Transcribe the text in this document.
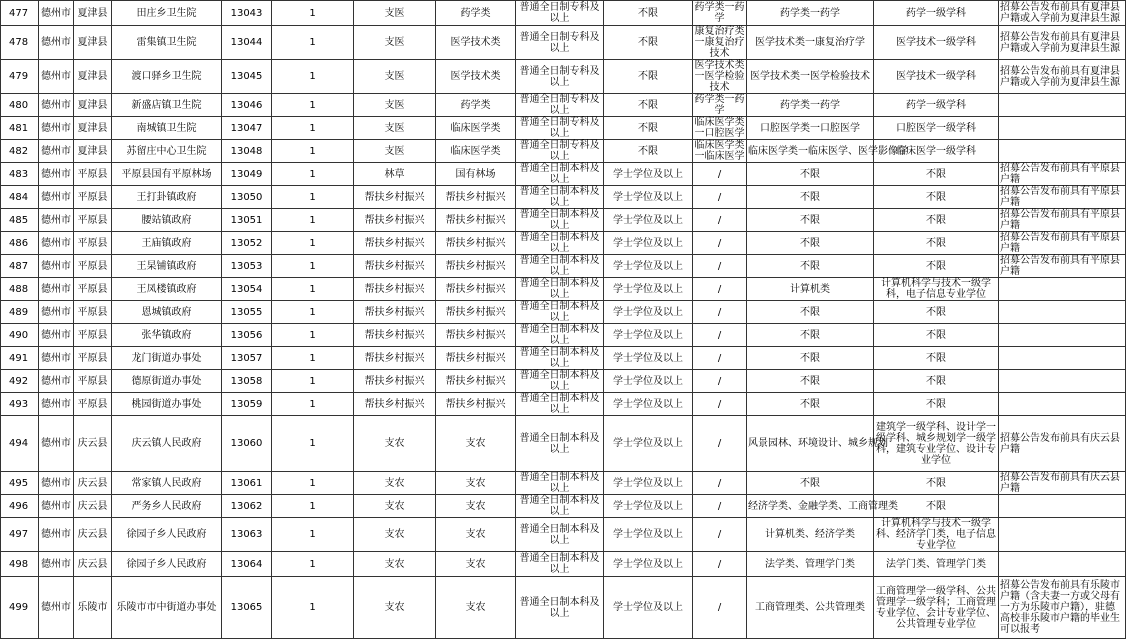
477	德州市	夏津县	田庄乡卫生院	13043	1	支医	药学类	普通全日制专科及以上	不限	药学类一药学	药学类一药学	药学一级学科	招募公告发布前具有夏津县户籍或入学前为夏津县生源
478	德州市	夏津县	雷集镇卫生院	13044	1	支医	医学技术类	普通全日制专科及以上	不限	康复治疗类一康复治疗技术	医学技术类一康复治疗学	医学技术一级学科	招募公告发布前具有夏津县户籍或入学前为夏津县生源
479	德州市	夏津县	渡口驿乡卫生院	13045	1	支医	医学技术类	普通全日制专科及以上	不限	医学技术类一医学检验技术	医学技术类一医学检验技术	医学技术一级学科	招募公告发布前具有夏津县户籍或入学前为夏津县生源
480	德州市	夏津县	新盛店镇卫生院	13046	1	支医	药学类	普通全日制专科及以上	不限	药学类一药学	药学类一药学	药学一级学科	
481	德州市	夏津县	南城镇卫生院	13047	1	支医	临床医学类	普通全日制专科及以上	不限	临床医学类一口腔医学	口腔医学类一口腔医学	口腔医学一级学科	
482	德州市	夏津县	苏留庄中心卫生院	13048	1	支医	临床医学类	普通全日制专科及以上	不限	临床医学类一临床医学	临床医学类一临床医学、医学影像学	临床医学一级学科	
483	德州市	平原县	平原县国有平原林场	13049	1	林草	国有林场	普通全日制本科及以上	学士学位及以上	/	不限	不限	招募公告发布前具有平原县户籍
484	德州市	平原县	王打卦镇政府	13050	1	帮扶乡村振兴	帮扶乡村振兴	普通全日制本科及以上	学士学位及以上	/	不限	不限	招募公告发布前具有平原县户籍
485	德州市	平原县	腰站镇政府	13051	1	帮扶乡村振兴	帮扶乡村振兴	普通全日制本科及以上	学士学位及以上	/	不限	不限	招募公告发布前具有平原县户籍
486	德州市	平原县	王庙镇政府	13052	1	帮扶乡村振兴	帮扶乡村振兴	普通全日制本科及以上	学士学位及以上	/	不限	不限	招募公告发布前具有平原县户籍
487	德州市	平原县	王杲铺镇政府	13053	1	帮扶乡村振兴	帮扶乡村振兴	普通全日制本科及以上	学士学位及以上	/	不限	不限	招募公告发布前具有平原县户籍
488	德州市	平原县	王凤楼镇政府	13054	1	帮扶乡村振兴	帮扶乡村振兴	普通全日制本科及以上	学士学位及以上	/	计算机类	计算机科学与技术一级学科，电子信息专业学位	
489	德州市	平原县	恩城镇政府	13055	1	帮扶乡村振兴	帮扶乡村振兴	普通全日制本科及以上	学士学位及以上	/	不限	不限	
490	德州市	平原县	张华镇政府	13056	1	帮扶乡村振兴	帮扶乡村振兴	普通全日制本科及以上	学士学位及以上	/	不限	不限	
491	德州市	平原县	龙门街道办事处	13057	1	帮扶乡村振兴	帮扶乡村振兴	普通全日制本科及以上	学士学位及以上	/	不限	不限	
492	德州市	平原县	德原街道办事处	13058	1	帮扶乡村振兴	帮扶乡村振兴	普通全日制本科及以上	学士学位及以上	/	不限	不限	
493	德州市	平原县	桃园街道办事处	13059	1	帮扶乡村振兴	帮扶乡村振兴	普通全日制本科及以上	学士学位及以上	/	不限	不限	
494	德州市	庆云县	庆云镇人民政府	13060	1	支农	支农	普通全日制本科及以上	学士学位及以上	/	风景园林、环境设计、城乡规划	建筑学一级学科、设计学一级学科、城乡规划学一级学科，建筑专业学位、设计专业学位	招募公告发布前具有庆云县户籍
495	德州市	庆云县	常家镇人民政府	13061	1	支农	支农	普通全日制本科及以上	学士学位及以上	/	不限	不限	招募公告发布前具有庆云县户籍
496	德州市	庆云县	严务乡人民政府	13062	1	支农	支农	普通全日制本科及以上	学士学位及以上	/	经济学类、金融学类、工商管理类	不限	
497	德州市	庆云县	徐园子乡人民政府	13063	1	支农	支农	普通全日制本科及以上	学士学位及以上	/	计算机类、经济学类	计算机科学与技术一级学科、经济学门类，电子信息专业学位	
498	德州市	庆云县	徐园子乡人民政府	13064	1	支农	支农	普通全日制本科及以上	学士学位及以上	/	法学类、管理学门类	法学门类、管理学门类	
499	德州市	乐陵市	乐陵市市中街道办事处	13065	1	支农	支农	普通全日制本科及以上	学士学位及以上	/	工商管理类、公共管理类	工商管理学一级学科、公共管理学一级学科；工商管理专业学位、会计专业学位、公共管理专业学位	招募公告发布前具有乐陵市户籍（含夫妻一方或父母有一方为乐陵市户籍），驻德高校非乐陵市户籍的毕业生可以报考
